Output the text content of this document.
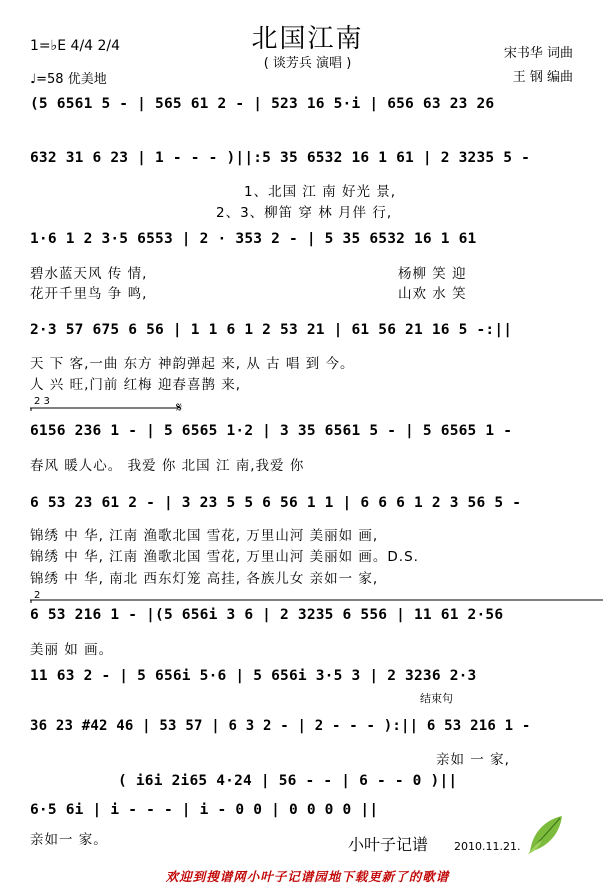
北国江南
( 谈芳兵 演唱 )
1=♭E 4/4 2/4
♩=58 优美地
宋书华 词曲
王 钢 编曲
(5 6561 5 - | 565 61 2 - | 523 16 5·i | 656 63 23 26
632 31 6 23 | 1 - - - )||:5 35 6532 16 1 61 | 2 3235 5 -
1、北国 江 南 好光 景,
2、3、柳笛 穿 林 月伴 行,
1·6 1 2 3·5 6553 | 2 · 353 2 - | 5 35 6532 16 1 61
碧水蓝天风 传 情,
花开千里鸟 争 鸣,
杨柳 笑 迎
山欢 水 笑
2·3 57 675 6 56 | 1 1 6 1 2 53 21 | 61 56 21 16 5 -:||
天 下 客,一曲 东方 神韵弹起 来, 从 古 唱 到 今。
人 兴 旺,门前 红梅 迎春喜鹊 来,
2 3	𝄋
6156 236 1 - | 5 6565 1·2 | 3 35 6561 5 - | 5 6565 1 -
春风 暖人心。 我爱 你 北国 江 南,我爱 你
6 53 23 61 2 - | 3 23 5 5 6 56 1 1 | 6 6 6 1 2 3 56 5 -
锦绣 中 华, 江南 渔歌北国 雪花, 万里山河 美丽如 画,
锦绣 中 华, 江南 渔歌北国 雪花, 万里山河 美丽如 画。D.S.
锦绣 中 华, 南北 西东灯笼 高挂, 各族儿女 亲如一 家,
2
6 53 216 1 - |(5 656i 3 6 | 2 3235 6 556 | 11 61 2·56
美丽 如 画。
11 63 2 - | 5 656i 5·6 | 5 656i 3·5 3 | 2 3236 2·3
结束句
36 23 #42 46 | 53 57 | 6 3 2 - | 2 - - - ):|| 6 53 216 1 -
亲如 一 家,
( i6i 2i65 4·24 | 56 - - | 6 - - 0 )||
6·5 6i | i - - - | i - 0 0 | 0 0 0 0 ||
亲如一 家。	小叶子记谱 2010.11.21.
欢迎到搜谱网小叶子记谱园地下载更新了的歌谱
